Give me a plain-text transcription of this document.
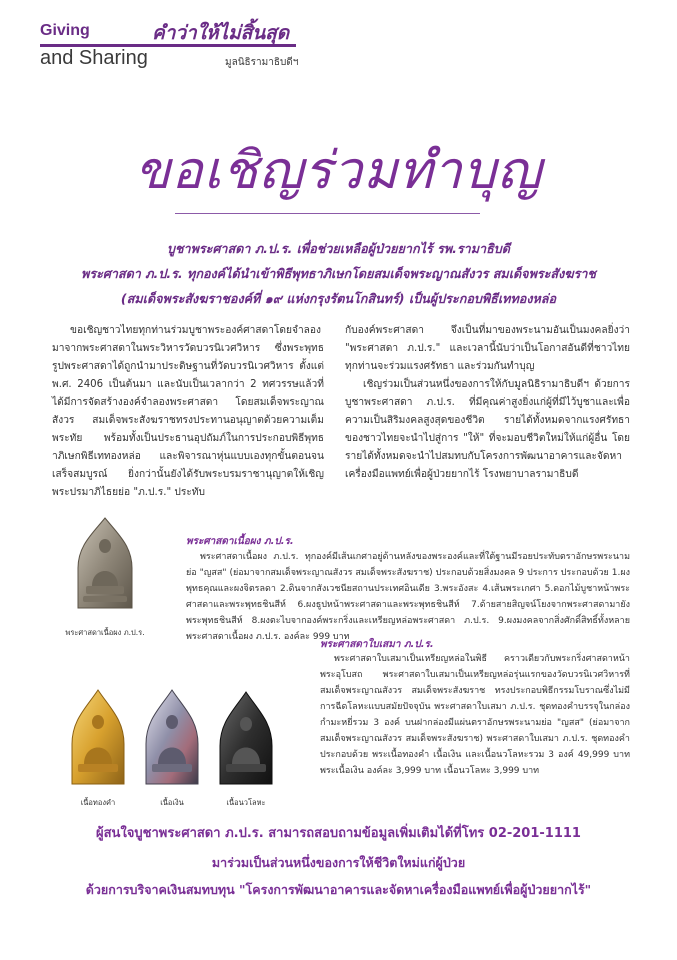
Giving
and Sharing
คำว่าให้ไม่สิ้นสุด
มูลนิธิรามาธิบดีฯ
ขอเชิญร่วมทำบุญ
บูชาพระศาสดา ภ.ป.ร. เพื่อช่วยเหลือผู้ป่วยยากไร้ รพ.รามาธิบดี
พระศาสดา ภ.ป.ร. ทุกองค์ได้นำเข้าพิธีพุทธาภิเษกโดยสมเด็จพระญาณสังวร สมเด็จพระสังฆราช
(สมเด็จพระสังฆราชองค์ที่ ๑๙ แห่งกรุงรัตนโกสินทร์) เป็นผู้ประกอบพิธีเททองหล่อ

ขอเชิญชาวไทยทุกท่านร่วมบูชาพระองค์ศาสดาโดยจำลองมาจากพระศาสดาในพระวิหารวัดบวรนิเวศวิหาร ซึ่งพระพุทธรูปพระศาสดาได้ถูกนำมาประดิษฐานที่วัดบวรนิเวศวิหาร ตั้งแต่ พ.ศ. 2406 เป็นต้นมา และนับเป็นเวลากว่า 2 ทศวรรษแล้วที่ได้มีการจัดสร้างองค์จำลองพระศาสดา โดยสมเด็จพระญาณสังวร สมเด็จพระสังฆราชทรงประทานอนุญาตด้วยความเต็มพระทัย พร้อมทั้งเป็นประธานอุปถัมภ์ในการประกอบพิธีพุทธาภิเษกพิธีเททองหล่อ และพิจารณาหุ่นแบบเองทุกขั้นตอนจนเสร็จสมบูรณ์ ยิ่งกว่านั้นยังได้รับพระบรมราชานุญาตให้เชิญพระปรมาภิไธยย่อ "ภ.ป.ร." ประทับ

กับองค์พระศาสดา จึงเป็นที่มาของพระนามอันเป็นมงคลยิ่งว่า "พระศาสดา ภ.ป.ร." และเวลานี้นับว่าเป็นโอกาสอันดีที่ชาวไทยทุกท่านจะร่วมแรงศรัทธา และร่วมกันทำบุญ

เชิญร่วมเป็นส่วนหนึ่งของการให้กับมูลนิธิรามาธิบดีฯ ด้วยการบูชาพระศาสดา ภ.ป.ร. ที่มีคุณค่าสูงยิ่งแก่ผู้ที่มีไว้บูชาและเพื่อความเป็นสิริมงคลสูงสุดของชีวิต รายได้ทั้งหมดจากแรงศรัทธาของชาวไทยจะนำไปสู่การ "ให้" ที่จะมอบชีวิตใหม่ให้แก่ผู้อื่น โดยรายได้ทั้งหมดจะนำไปสมทบกับโครงการพัฒนาอาคารและจัดหาเครื่องมือแพทย์เพื่อผู้ป่วยยากไร้ โรงพยาบาลรามาธิบดี

พระศาสดาเนื้อผง ภ.ป.ร.
พระศาสดาเนื้อผง ภ.ป.ร.
พระศาสดาเนื้อผง ภ.ป.ร. ทุกองค์มีเส้นเกศาอยู่ด้านหลังของพระองค์และที่ใต้ฐานมีรอยประทับตราอักษรพระนามย่อ "ญสส" (ย่อมาจากสมเด็จพระญาณสังวร สมเด็จพระสังฆราช) ประกอบด้วยสิ่งมงคล 9 ประการ ประกอบด้วย 1.ผงพุทธคุณและผงจิตรลดา 2.ดินจากสังเวชนียสถานประเทศอินเดีย 3.พระอังสะ 4.เส้นพระเกศา 5.ดอกไม้บูชาหน้าพระศาสดาและพระพุทธชินสีห์ 6.ผงธูปหน้าพระศาสดาและพระพุทธชินสีห์ 7.ด้ายสายสิญจน์โยงจากพระศาสดามายังพระพุทธชินสีห์ 8.ผงตะไบจากองค์พระกริ่งและเหรียญหล่อพระศาสดา ภ.ป.ร. 9.ผงมงคลจากสิ่งศักดิ์สิทธิ์ทั้งหลาย พระศาสดาเนื้อผง ภ.ป.ร. องค์ละ 999 บาท
เนื้อทองคำ	เนื้อเงิน	เนื้อนวโลหะ
พระศาสดาใบเสมา ภ.ป.ร.
พระศาสดาใบเสมาเป็นเหรียญหล่อในพิธี คราวเดียวกับพระกริ่งศาสดาหน้าพระอุโบสถ พระศาสดาใบเสมาเป็นเหรียญหล่อรุ่นแรกของวัดบวรนิเวศวิหารที่สมเด็จพระญาณสังวร สมเด็จพระสังฆราช ทรงประกอบพิธีกรรมโบราณซึ่งไม่มีการฉีดโลหะแบบสมัยปัจจุบัน พระศาสดาใบเสมา ภ.ป.ร. ชุดทองคำบรรจุในกล่องกำมะหยี่รวม 3 องค์ บนฝากล่องมีแผ่นตราอักษรพระนามย่อ "ญสส" (ย่อมาจากสมเด็จพระญาณสังวร สมเด็จพระสังฆราช) พระศาสดาใบเสมา ภ.ป.ร. ชุดทองคำ ประกอบด้วย พระเนื้อทองคำ เนื้อเงิน และเนื้อนวโลหะรวม 3 องค์ 49,999 บาท พระเนื้อเงิน องค์ละ 3,999 บาท เนื้อนวโลหะ 3,999 บาท
ผู้สนใจบูชาพระศาสดา ภ.ป.ร. สามารถสอบถามข้อมูลเพิ่มเติมได้ที่โทร 02-201-1111
มาร่วมเป็นส่วนหนึ่งของการให้ชีวิตใหม่แก่ผู้ป่วย
ด้วยการบริจาคเงินสมทบทุน "โครงการพัฒนาอาคารและจัดหาเครื่องมือแพทย์เพื่อผู้ป่วยยากไร้"
